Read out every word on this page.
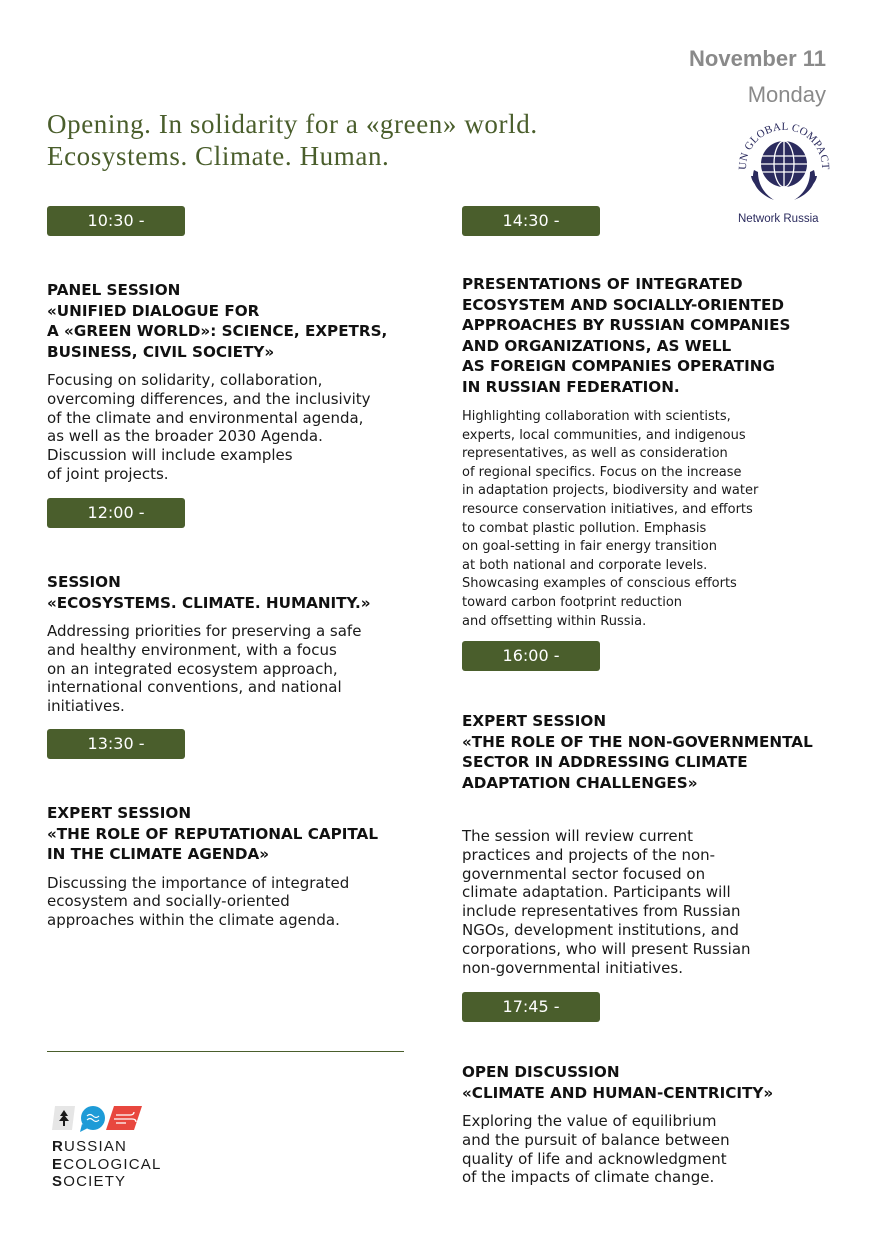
November 11
Monday
Opening. In solidarity for a «green» world.
Ecosystems. Climate. Human.	UN GLOBAL COMPACT
Network Russia
10:30 - 11:45
PANEL SESSION
«UNIFIED DIALOGUE FOR
A «GREEN WORLD»: SCIENCE, EXPETRS,
BUSINESS, CIVIL SOCIETY»
Focusing on solidarity, collaboration,
overcoming differences, and the inclusivity
of the climate and environmental agenda,
as well as the broader 2030 Agenda.
Discussion will include examples
of joint projects.
12:00 - 13:15
SESSION
«ECOSYSTEMS. CLIMATE. HUMANITY.»
Addressing priorities for preserving a safe
and healthy environment, with a focus
on an integrated ecosystem approach,
international conventions, and national
initiatives.
13:30 - 14:15
EXPERT SESSION
«THE ROLE OF REPUTATIONAL CAPITAL
IN THE CLIMATE AGENDA»
Discussing the importance of integrated
ecosystem and socially-oriented
approaches within the climate agenda.
14:30 - 15:45
PRESENTATIONS OF INTEGRATED
ECOSYSTEM AND SOCIALLY-ORIENTED
APPROACHES BY RUSSIAN COMPANIES
AND ORGANIZATIONS, AS WELL
AS FOREIGN COMPANIES OPERATING
IN RUSSIAN FEDERATION.
Highlighting collaboration with scientists,
experts, local communities, and indigenous
representatives, as well as consideration
of regional specifics. Focus on the increase
in adaptation projects, biodiversity and water
resource conservation initiatives, and efforts
to combat plastic pollution. Emphasis
on goal-setting in fair energy transition
at both national and corporate levels.
Showcasing examples of conscious efforts
toward carbon footprint reduction
and offsetting within Russia.
16:00 - 17:30
EXPERT SESSION
«THE ROLE OF THE NON-GOVERNMENTAL
SECTOR IN ADDRESSING CLIMATE
ADAPTATION CHALLENGES»
The session will review current
practices and projects of the non-
governmental sector focused on
climate adaptation. Participants will
include representatives from Russian
NGOs, development institutions, and
corporations, who will present Russian
non-governmental initiatives.
17:45 - 19:00
OPEN DISCUSSION
«CLIMATE AND HUMAN-CENTRICITY»
Exploring the value of equilibrium
and the pursuit of balance between
quality of life and acknowledgment
of the impacts of climate change.
RUSSIAN
ECOLOGICAL
SOCIETY
